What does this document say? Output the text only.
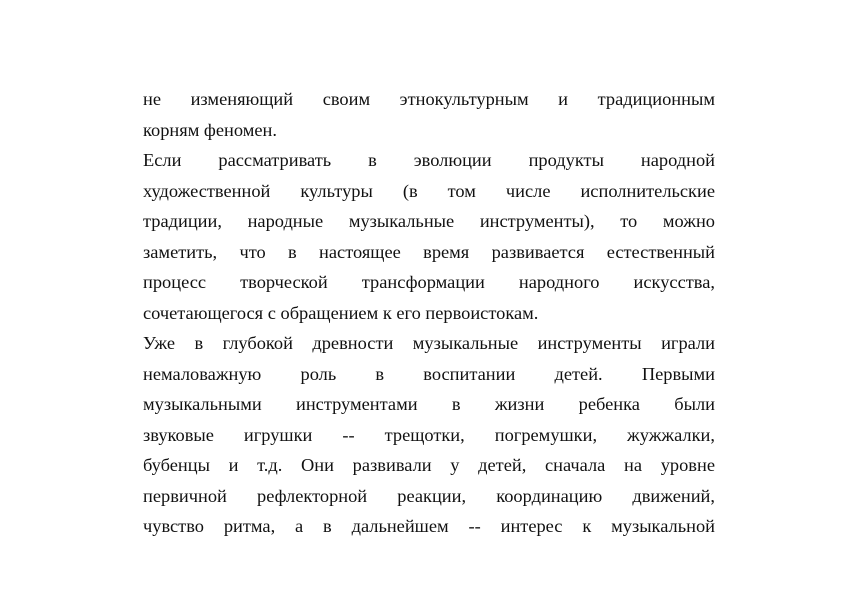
не изменяющий своим этнокультурным и традиционным
корням феномен.
Если рассматривать в эволюции продукты народной
художественной культуры (в том числе исполнительские
традиции, народные музыкальные инструменты), то можно
заметить, что в настоящее время развивается естественный
процесс творческой трансформации народного искусства,
сочетающегося с обращением к его первоистокам.
Уже в глубокой древности музыкальные инструменты играли
немаловажную роль в воспитании детей. Первыми
музыкальными инструментами в жизни ребенка были
звуковые игрушки -- трещотки, погремушки, жужжалки,
бубенцы и т.д. Они развивали у детей, сначала на уровне
первичной рефлекторной реакции, координацию движений,
чувство ритма, а в дальнейшем -- интерес к музыкальной
